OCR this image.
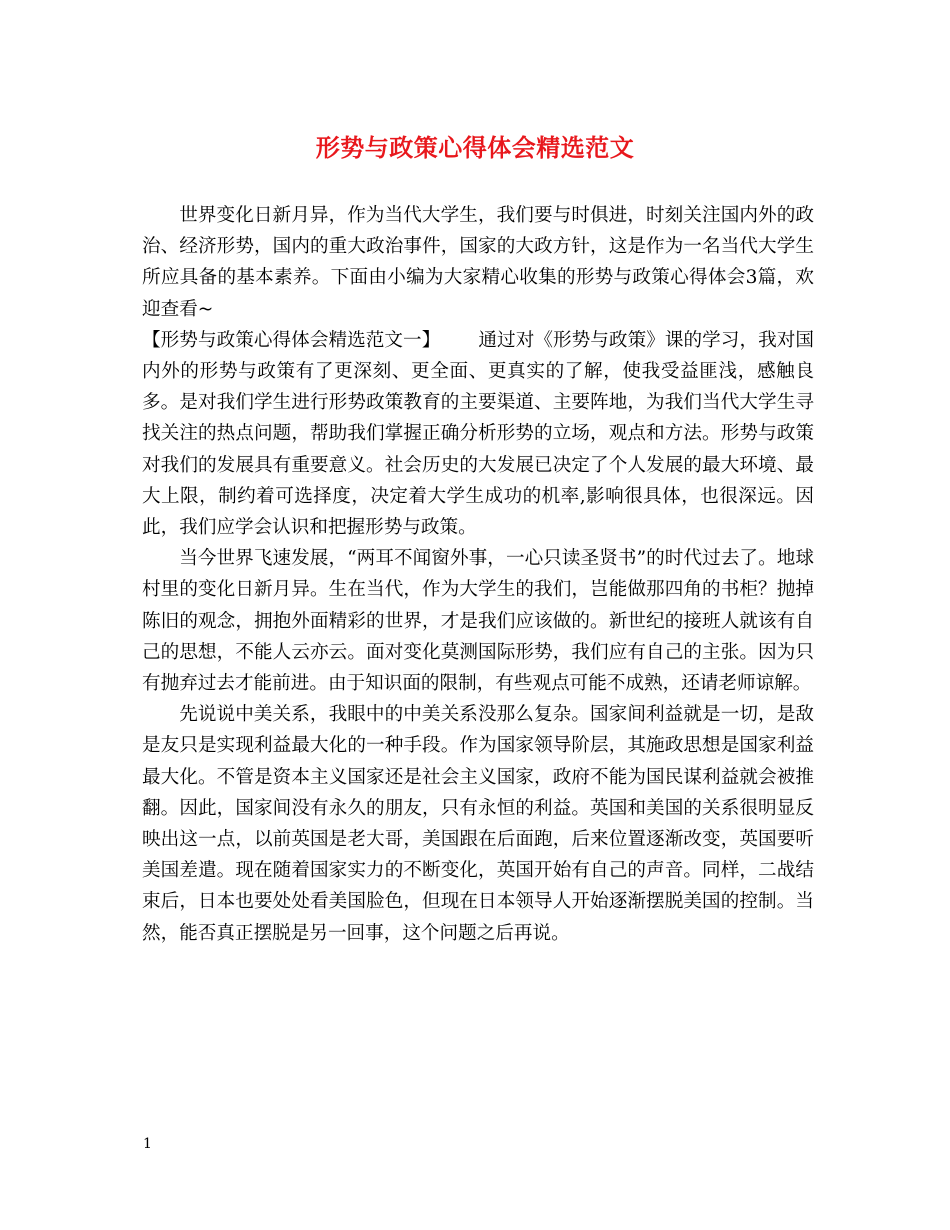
形势与政策心得体会精选范文

世界变化日新月异，作为当代大学生，我们要与时俱进，时刻关注国内外的政治、经济形势，国内的重大政治事件，国家的大政方针，这是作为一名当代大学生所应具备的基本素养。下面由小编为大家精心收集的形势与政策心得体会3篇，欢迎查看~

【形势与政策心得体会精选范文一】 通过对《形势与政策》课的学习，我对国内外的形势与政策有了更深刻、更全面、更真实的了解，使我受益匪浅，感触良多。是对我们学生进行形势政策教育的主要渠道、主要阵地，为我们当代大学生寻找关注的热点问题，帮助我们掌握正确分析形势的立场，观点和方法。形势与政策对我们的发展具有重要意义。社会历史的大发展已决定了个人发展的最大环境、最大上限，制约着可选择度，决定着大学生成功的机率,影响很具体，也很深远。因此，我们应学会认识和把握形势与政策。

当今世界飞速发展，“两耳不闻窗外事，一心只读圣贤书”的时代过去了。地球村里的变化日新月异。生在当代，作为大学生的我们，岂能做那四角的书柜？抛掉陈旧的观念，拥抱外面精彩的世界，才是我们应该做的。新世纪的接班人就该有自己的思想，不能人云亦云。面对变化莫测国际形势，我们应有自己的主张。因为只有抛弃过去才能前进。由于知识面的限制，有些观点可能不成熟，还请老师谅解。

先说说中美关系，我眼中的中美关系没那么复杂。国家间利益就是一切，是敌是友只是实现利益最大化的一种手段。作为国家领导阶层，其施政思想是国家利益最大化。不管是资本主义国家还是社会主义国家，政府不能为国民谋利益就会被推翻。因此，国家间没有永久的朋友，只有永恒的利益。英国和美国的关系很明显反映出这一点，以前英国是老大哥，美国跟在后面跑，后来位置逐渐改变，英国要听美国差遣。现在随着国家实力的不断变化，英国开始有自己的声音。同样，二战结束后，日本也要处处看美国脸色，但现在日本领导人开始逐渐摆脱美国的控制。当然，能否真正摆脱是另一回事，这个问题之后再说。

1
